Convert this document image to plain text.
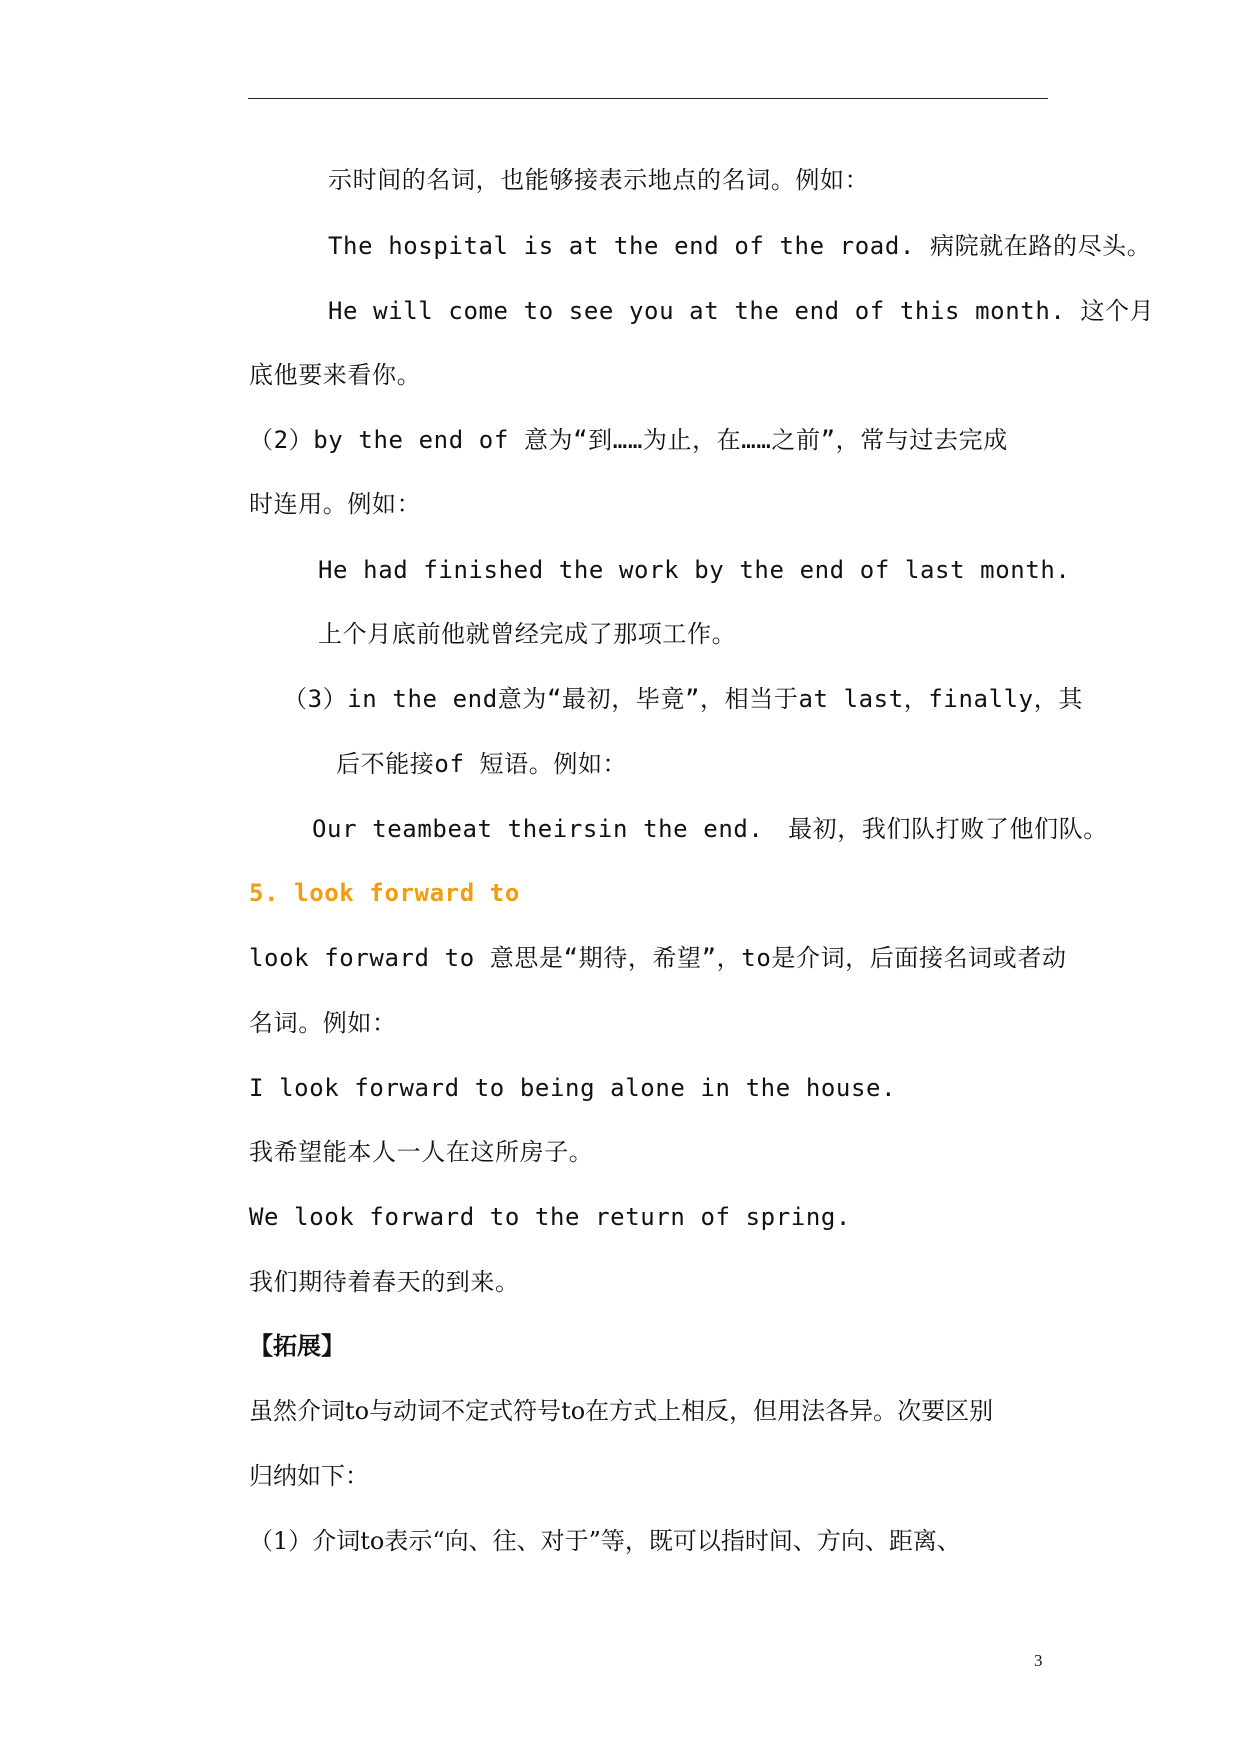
示时间的名词，也能够接表示地点的名词。例如：
The hospital is at the end of the road. 病院就在路的尽头。
He will come to see you at the end of this month. 这个月
底他要来看你。
（2）by the end of 意为“到……为止，在……之前”，常与过去完成
时连用。例如：
He had finished the work by the end of last month.
上个月底前他就曾经完成了那项工作。
（3）in the end意为“最初，毕竟”，相当于at last，finally，其
后不能接of 短语。例如：
Our teambeat theirsin the end.　最初，我们队打败了他们队。
5. look forward to
look forward to 意思是“期待，希望”，to是介词，后面接名词或者动
名词。例如：
I look forward to being alone in the house.
我希望能本人一人在这所房子。
We look forward to the return of spring.
我们期待着春天的到来。
【拓展】
虽然介词to与动词不定式符号to在方式上相反，但用法各异。次要区别
归纳如下：
（1）介词to表示“向、往、对于”等，既可以指时间、方向、距离、
3
